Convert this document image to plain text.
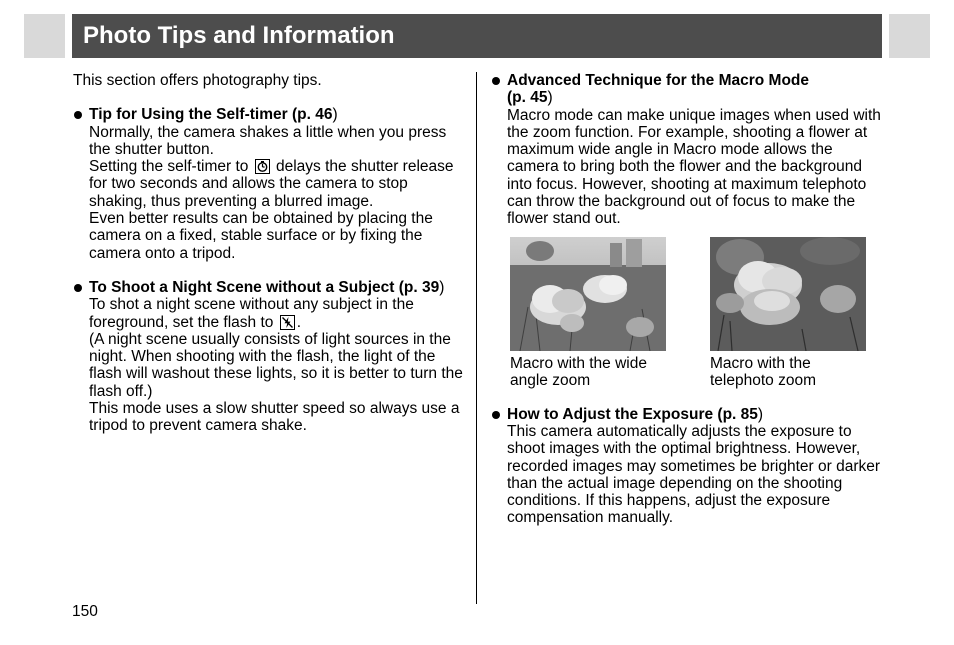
Photo Tips and Information

This section offers photography tips.

Tip for Using the Self-timer (p. 46)

Normally, the camera shakes a little when you press the shutter button.

Setting the self-timer to delays the shutter release for two seconds and allows the camera to stop shaking, thus preventing a blurred image.

Even better results can be obtained by placing the camera on a fixed, stable surface or by fixing the camera onto a tripod.

To Shoot a Night Scene without a Subject (p. 39)

To shot a night scene without any subject in the foreground, set the flash to .

(A night scene usually consists of light sources in the night. When shooting with the flash, the light of the flash will washout these lights, so it is better to turn the flash off.)

This mode uses a slow shutter speed so always use a tripod to prevent camera shake.

Advanced Technique for the Macro Mode
(p. 45)

Macro mode can make unique images when used with the zoom function. For example, shooting a flower at maximum wide angle in Macro mode allows the camera to bring both the flower and the background into focus. However, shooting at maximum telephoto can throw the background out of focus to make the flower stand out.

Macro with the wide angle zoom
Macro with the telephoto zoom
How to Adjust the Exposure (p. 85)

This camera automatically adjusts the exposure to shoot images with the optimal brightness. However, recorded images may sometimes be brighter or darker than the actual image depending on the shooting conditions. If this happens, adjust the exposure compensation manually.

150
